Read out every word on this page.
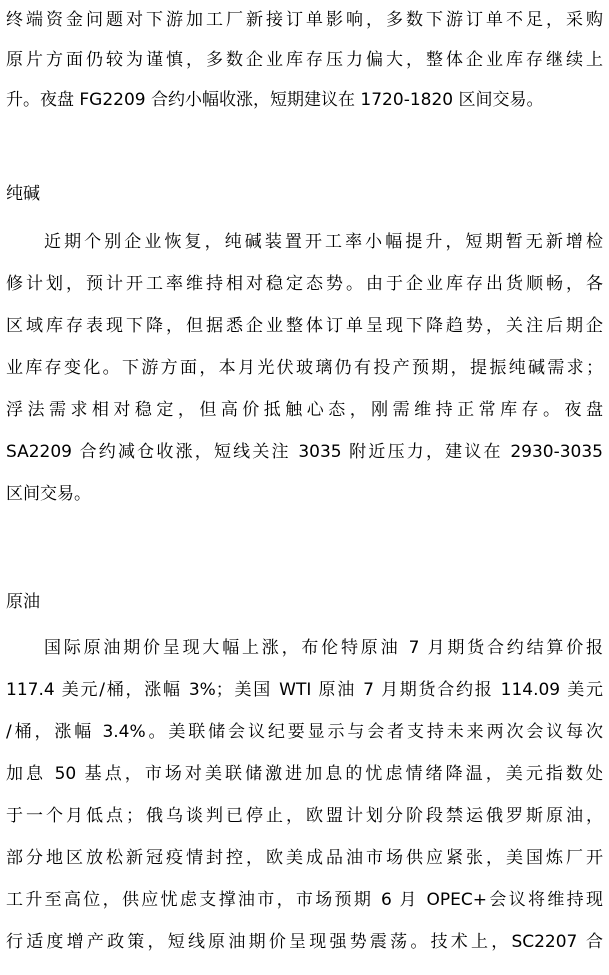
终端资金问题对下游加工厂新接订单影响，多数下游订单不足，采购
原片方面仍较为谨慎，多数企业库存压力偏大，整体企业库存继续上
升。夜盘 FG2209 合约小幅收涨，短期建议在 1720-1820 区间交易。
纯碱
近期个别企业恢复，纯碱装置开工率小幅提升，短期暂无新增检
修计划，预计开工率维持相对稳定态势。由于企业库存出货顺畅，各
区域库存表现下降，但据悉企业整体订单呈现下降趋势，关注后期企
业库存变化。下游方面，本月光伏玻璃仍有投产预期，提振纯碱需求；
浮法需求相对稳定，但高价抵触心态，刚需维持正常库存。夜盘
SA2209 合约减仓收涨，短线关注 3035 附近压力，建议在 2930-3035
区间交易。
原油
国际原油期价呈现大幅上涨，布伦特原油 7 月期货合约结算价报
117.4 美元/桶，涨幅 3%；美国 WTI 原油 7 月期货合约报 114.09 美元
/桶，涨幅 3.4%。美联储会议纪要显示与会者支持未来两次会议每次
加息 50 基点，市场对美联储激进加息的忧虑情绪降温，美元指数处
于一个月低点；俄乌谈判已停止，欧盟计划分阶段禁运俄罗斯原油，
部分地区放松新冠疫情封控，欧美成品油市场供应紧张，美国炼厂开
工升至高位，供应忧虑支撑油市，市场预期 6 月 OPEC+会议将维持现
行适度增产政策，短线原油期价呈现强势震荡。技术上，SC2207 合
